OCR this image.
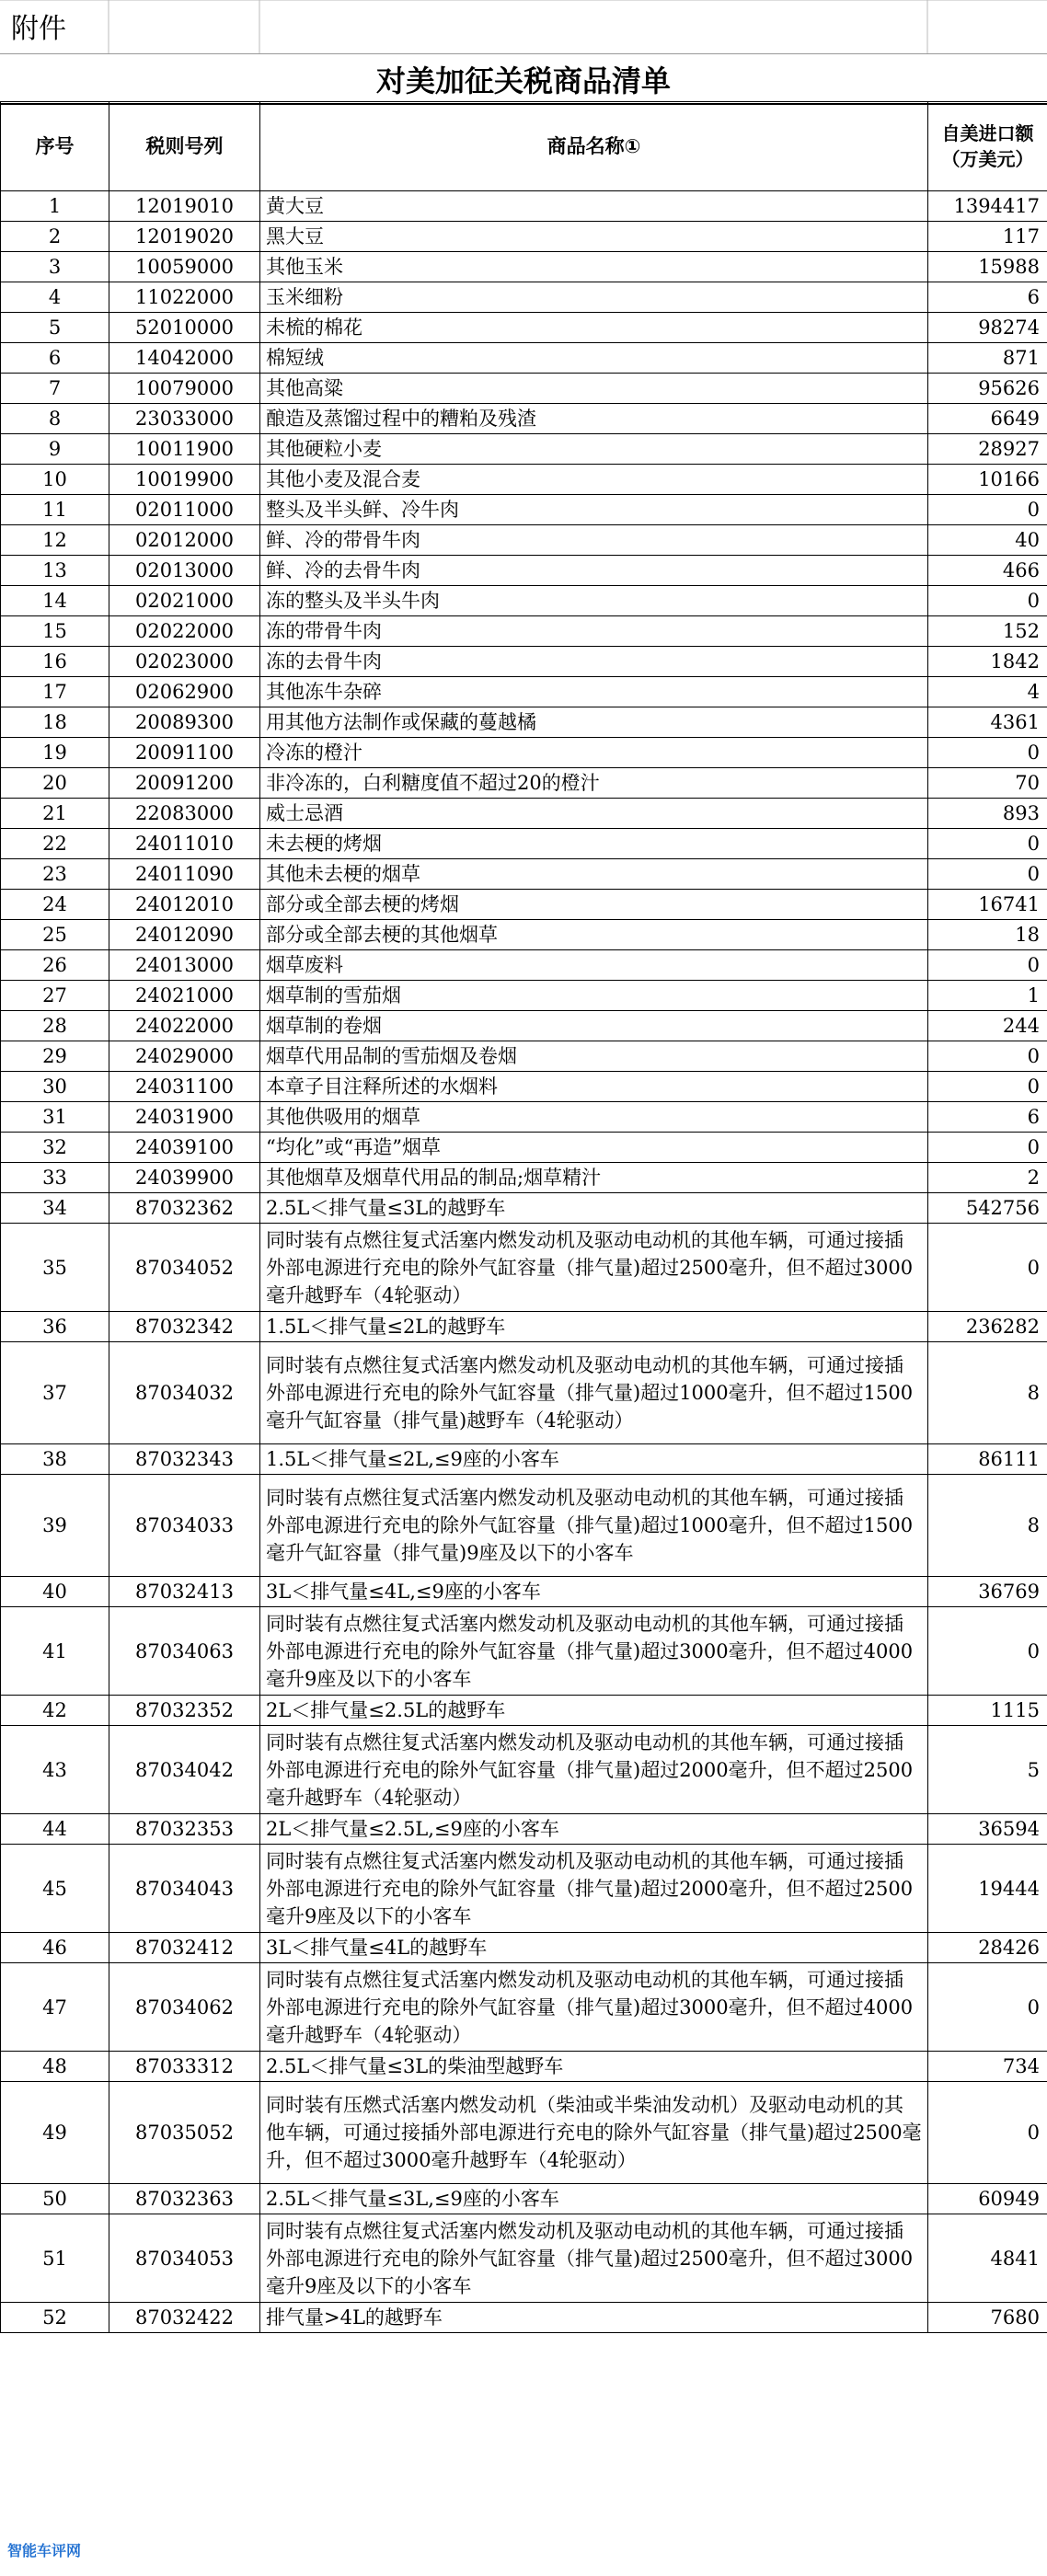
附件
对美加征关税商品清单
序号	税则号列	商品名称①	自美进口额
（万美元）

1	12019010	黄大豆	1394417
2	12019020	黑大豆	117
3	10059000	其他玉米	15988
4	11022000	玉米细粉	6
5	52010000	未梳的棉花	98274
6	14042000	棉短绒	871
7	10079000	其他高粱	95626
8	23033000	酿造及蒸馏过程中的糟粕及残渣	6649
9	10011900	其他硬粒小麦	28927
10	10019900	其他小麦及混合麦	10166
11	02011000	整头及半头鲜、冷牛肉	0
12	02012000	鲜、冷的带骨牛肉	40
13	02013000	鲜、冷的去骨牛肉	466
14	02021000	冻的整头及半头牛肉	0
15	02022000	冻的带骨牛肉	152
16	02023000	冻的去骨牛肉	1842
17	02062900	其他冻牛杂碎	4
18	20089300	用其他方法制作或保藏的蔓越橘	4361
19	20091100	冷冻的橙汁	0
20	20091200	非冷冻的，白利糖度值不超过20的橙汁	70
21	22083000	威士忌酒	893
22	24011010	未去梗的烤烟	0
23	24011090	其他未去梗的烟草	0
24	24012010	部分或全部去梗的烤烟	16741
25	24012090	部分或全部去梗的其他烟草	18
26	24013000	烟草废料	0
27	24021000	烟草制的雪茄烟	1
28	24022000	烟草制的卷烟	244
29	24029000	烟草代用品制的雪茄烟及卷烟	0
30	24031100	本章子目注释所述的水烟料	0
31	24031900	其他供吸用的烟草	6
32	24039100	“均化”或“再造”烟草	0
33	24039900	其他烟草及烟草代用品的制品;烟草精汁	2
34	87032362	2.5L＜排气量≤3L的越野车	542756
35	87034052	同时装有点燃往复式活塞内燃发动机及驱动电动机的其他车辆，可通过接插外部电源进行充电的除外气缸容量（排气量)超过2500毫升，但不超过3000毫升越野车（4轮驱动）	0
36	87032342	1.5L＜排气量≤2L的越野车	236282
37	87034032	同时装有点燃往复式活塞内燃发动机及驱动电动机的其他车辆，可通过接插外部电源进行充电的除外气缸容量（排气量)超过1000毫升，但不超过1500毫升气缸容量（排气量)越野车（4轮驱动）	8
38	87032343	1.5L＜排气量≤2L,≤9座的小客车	86111
39	87034033	同时装有点燃往复式活塞内燃发动机及驱动电动机的其他车辆，可通过接插外部电源进行充电的除外气缸容量（排气量)超过1000毫升，但不超过1500毫升气缸容量（排气量)9座及以下的小客车	8
40	87032413	3L＜排气量≤4L,≤9座的小客车	36769
41	87034063	同时装有点燃往复式活塞内燃发动机及驱动电动机的其他车辆，可通过接插外部电源进行充电的除外气缸容量（排气量)超过3000毫升，但不超过4000毫升9座及以下的小客车	0
42	87032352	2L＜排气量≤2.5L的越野车	1115
43	87034042	同时装有点燃往复式活塞内燃发动机及驱动电动机的其他车辆，可通过接插外部电源进行充电的除外气缸容量（排气量)超过2000毫升，但不超过2500毫升越野车（4轮驱动）	5
44	87032353	2L＜排气量≤2.5L,≤9座的小客车	36594
45	87034043	同时装有点燃往复式活塞内燃发动机及驱动电动机的其他车辆，可通过接插外部电源进行充电的除外气缸容量（排气量)超过2000毫升，但不超过2500毫升9座及以下的小客车	19444
46	87032412	3L＜排气量≤4L的越野车	28426
47	87034062	同时装有点燃往复式活塞内燃发动机及驱动电动机的其他车辆，可通过接插外部电源进行充电的除外气缸容量（排气量)超过3000毫升，但不超过4000毫升越野车（4轮驱动）	0
48	87033312	2.5L＜排气量≤3L的柴油型越野车	734
49	87035052	同时装有压燃式活塞内燃发动机（柴油或半柴油发动机）及驱动电动机的其他车辆，可通过接插外部电源进行充电的除外气缸容量（排气量)超过2500毫升，但不超过3000毫升越野车（4轮驱动）	0
50	87032363	2.5L＜排气量≤3L,≤9座的小客车	60949
51	87034053	同时装有点燃往复式活塞内燃发动机及驱动电动机的其他车辆，可通过接插外部电源进行充电的除外气缸容量（排气量)超过2500毫升，但不超过3000毫升9座及以下的小客车	4841
52	87032422	排气量>4L的越野车	7680
智能车评网
